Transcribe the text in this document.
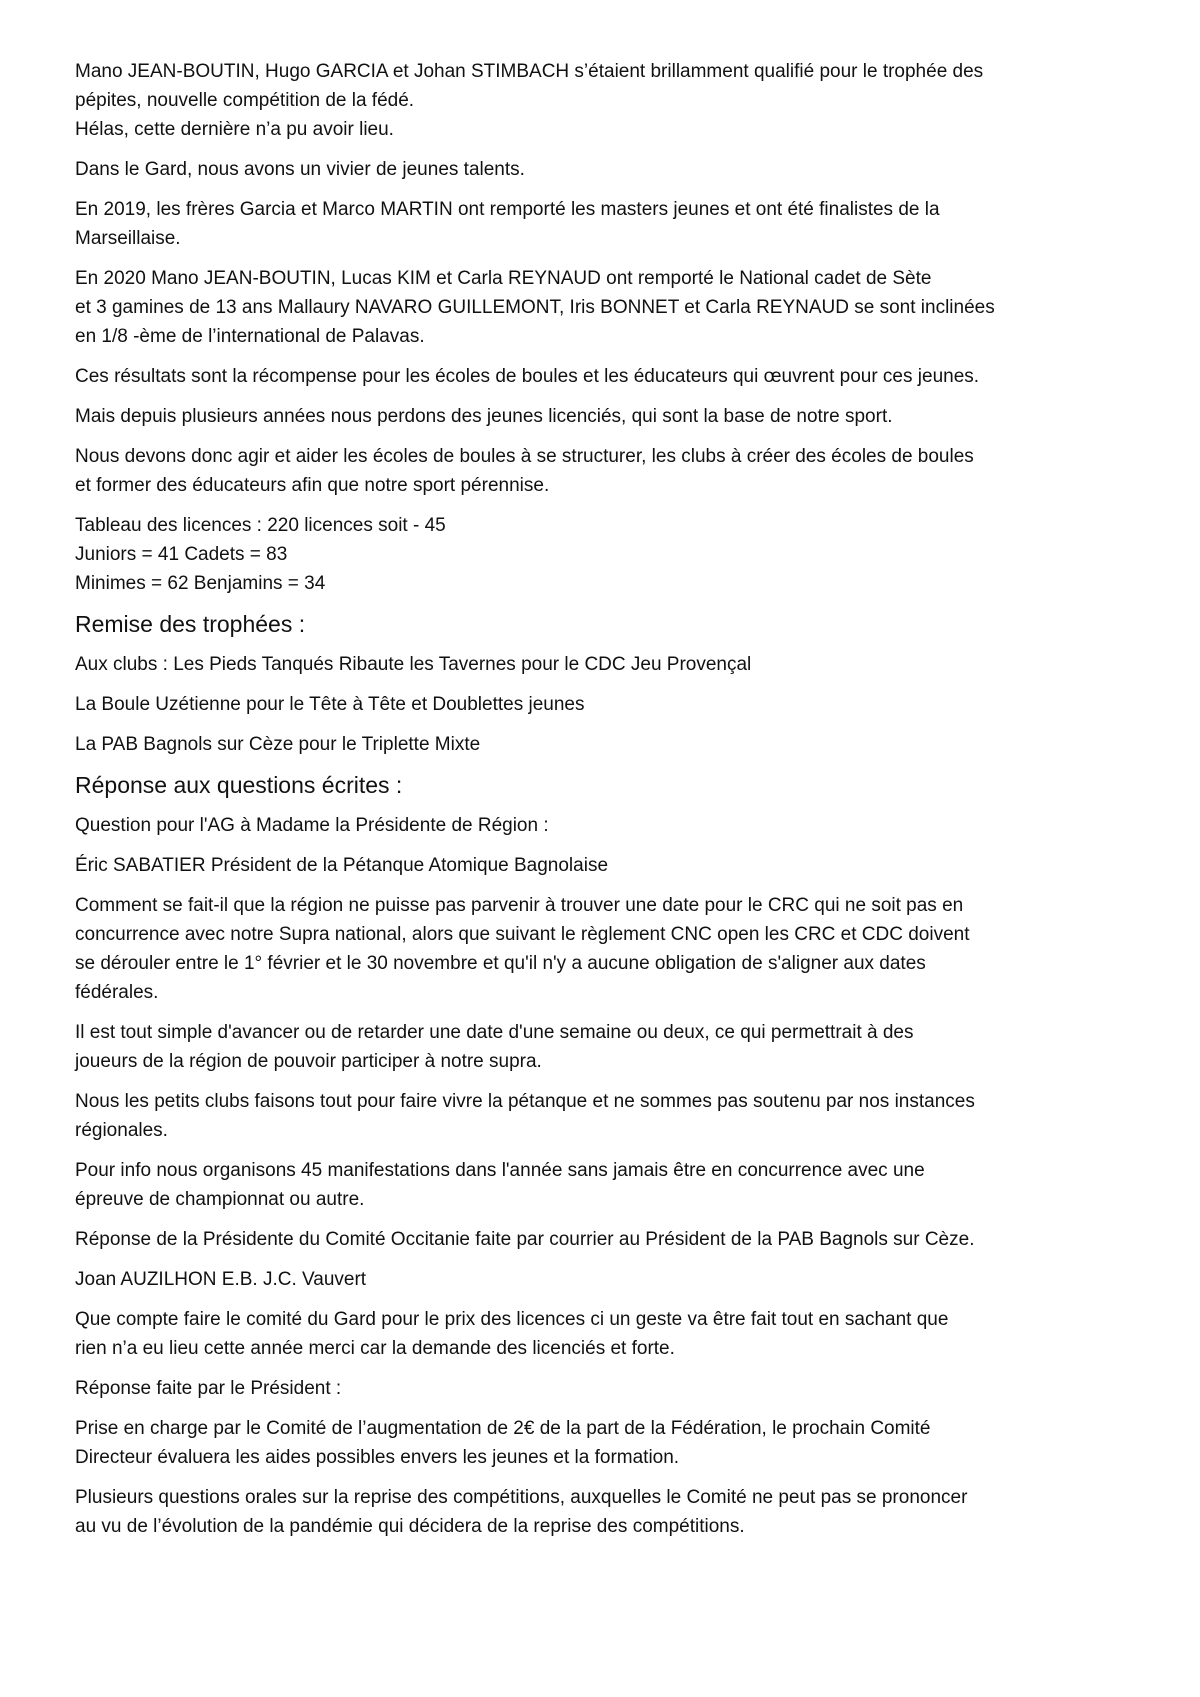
Mano JEAN-BOUTIN, Hugo GARCIA et Johan STIMBACH s’étaient brillamment qualifié pour le trophée des
pépites, nouvelle compétition de la fédé.
Hélas, cette dernière n’a pu avoir lieu.

Dans le Gard, nous avons un vivier de jeunes talents.

En 2019, les frères Garcia et Marco MARTIN ont remporté les masters jeunes et ont été finalistes de la
Marseillaise.

En 2020 Mano JEAN-BOUTIN, Lucas KIM et Carla REYNAUD ont remporté le National cadet de Sète
et 3 gamines de 13 ans Mallaury NAVARO GUILLEMONT, Iris BONNET et Carla REYNAUD se sont inclinées
en 1/8 -ème de l’international de Palavas.

Ces résultats sont la récompense pour les écoles de boules et les éducateurs qui œuvrent pour ces jeunes.

Mais depuis plusieurs années nous perdons des jeunes licenciés, qui sont la base de notre sport.

Nous devons donc agir et aider les écoles de boules à se structurer, les clubs à créer des écoles de boules
et former des éducateurs afin que notre sport pérennise.

Tableau des licences : 220 licences soit - 45
Juniors = 41 Cadets = 83
Minimes = 62 Benjamins = 34

Remise des trophées :

Aux clubs : Les Pieds Tanqués Ribaute les Tavernes pour le CDC Jeu Provençal

La Boule Uzétienne pour le Tête à Tête et Doublettes jeunes

La PAB Bagnols sur Cèze pour le Triplette Mixte

Réponse aux questions écrites :

Question pour l'AG à Madame la Présidente de Région :

Éric SABATIER Président de la Pétanque Atomique Bagnolaise

Comment se fait-il que la région ne puisse pas parvenir à trouver une date pour le CRC qui ne soit pas en
concurrence avec notre Supra national, alors que suivant le règlement CNC open les CRC et CDC doivent
se dérouler entre le 1° février et le 30 novembre et qu'il n'y a aucune obligation de s'aligner aux dates
fédérales.

Il est tout simple d'avancer ou de retarder une date d'une semaine ou deux, ce qui permettrait à des
joueurs de la région de pouvoir participer à notre supra.

Nous les petits clubs faisons tout pour faire vivre la pétanque et ne sommes pas soutenu par nos instances
régionales.

Pour info nous organisons 45 manifestations dans l'année sans jamais être en concurrence avec une
épreuve de championnat ou autre.

Réponse de la Présidente du Comité Occitanie faite par courrier au Président de la PAB Bagnols sur Cèze.

Joan AUZILHON E.B. J.C. Vauvert

Que compte faire le comité du Gard pour le prix des licences ci un geste va être fait tout en sachant que
rien n’a eu lieu cette année merci car la demande des licenciés et forte.

Réponse faite par le Président :

Prise en charge par le Comité de l’augmentation de 2€ de la part de la Fédération, le prochain Comité
Directeur évaluera les aides possibles envers les jeunes et la formation.

Plusieurs questions orales sur la reprise des compétitions, auxquelles le Comité ne peut pas se prononcer
au vu de l’évolution de la pandémie qui décidera de la reprise des compétitions.
